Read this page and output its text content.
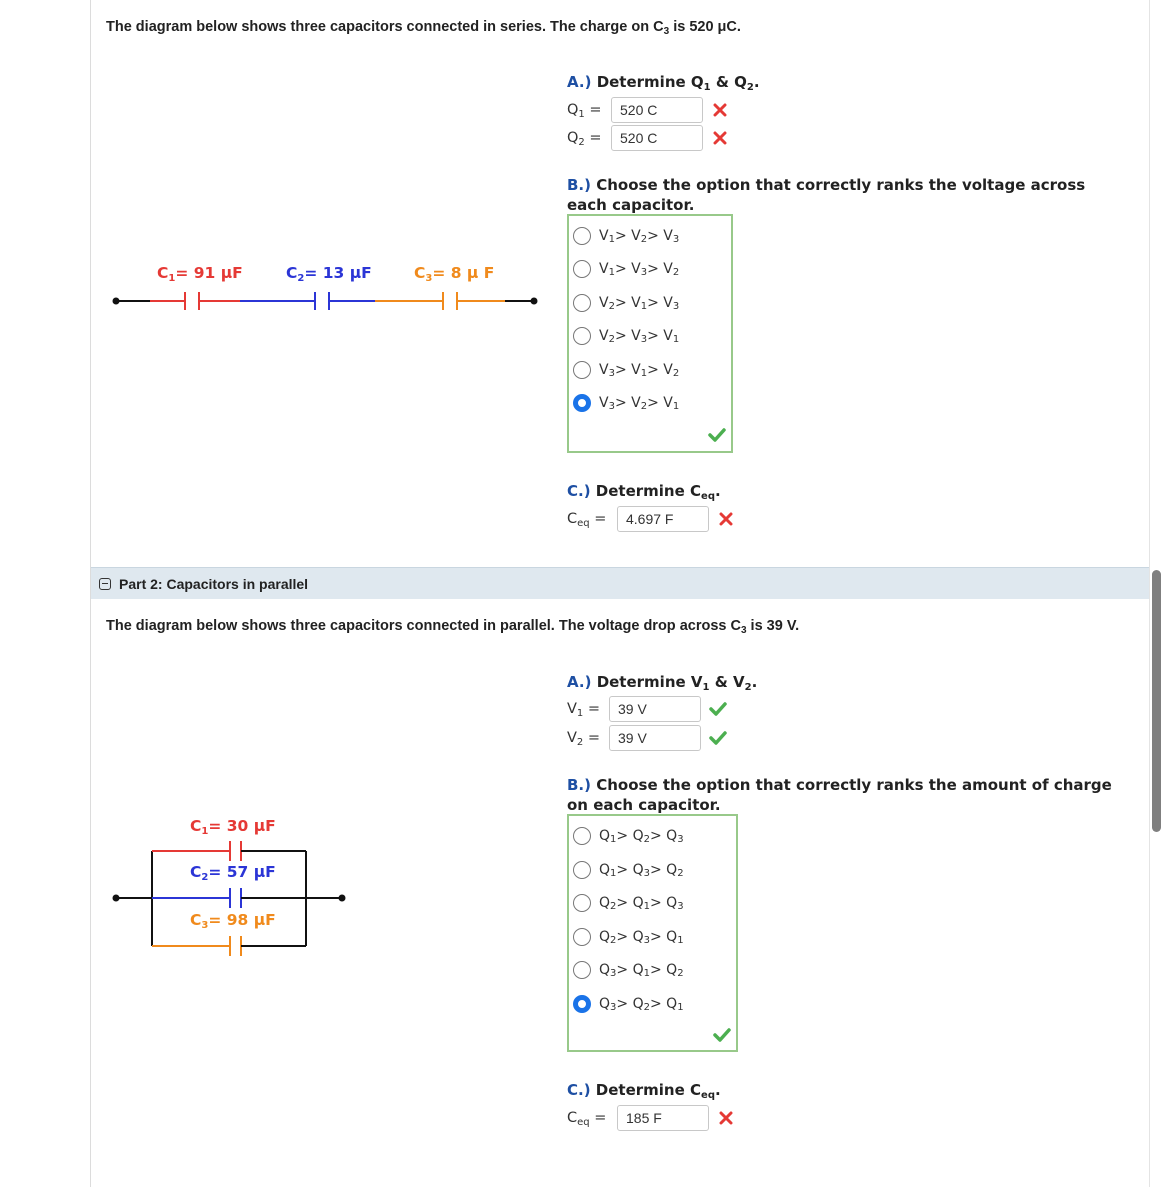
The diagram below shows three capacitors connected in series. The charge on $C_3$ is 520 μC.
C1= 91 μF	C2= 13 μF	C3= 8 μ F
A.) Determine $Q_1$ & $Q_2$.
$Q_1$ =	520 C
$Q_2$ =	520 C
B.) Choose the option that correctly ranks the voltage across
each capacitor.
V 1 > V 2 > V 3
V 1 > V 3 > V 2
V 2 > V 1 > V 3
V 2 > V 3 > V 1
V 3 > V 1 > V 2
V 3 > V 2 > V 1
C.) Determine $C_{eq}$.
$C_{eq}$ =	4.697 F
Part 2: Capacitors in parallel
The diagram below shows three capacitors connected in parallel. The voltage drop across $C_3$ is 39 V.
C1= 30 μF
C2= 57 μF
C3= 98 μF
A.) Determine $V_1$ & $V_2$.
$V_1$ =	39 V
$V_2$ =	39 V
B.) Choose the option that correctly ranks the amount of charge
on each capacitor.
Q 1 > Q 2 > Q 3
Q 1 > Q 3 > Q 2
Q 2 > Q 1 > Q 3
Q 2 > Q 3 > Q 1
Q 3 > Q 1 > Q 2
Q 3 > Q 2 > Q 1
C.) Determine $C_{eq}$.
$C_{eq}$ =	185 F
